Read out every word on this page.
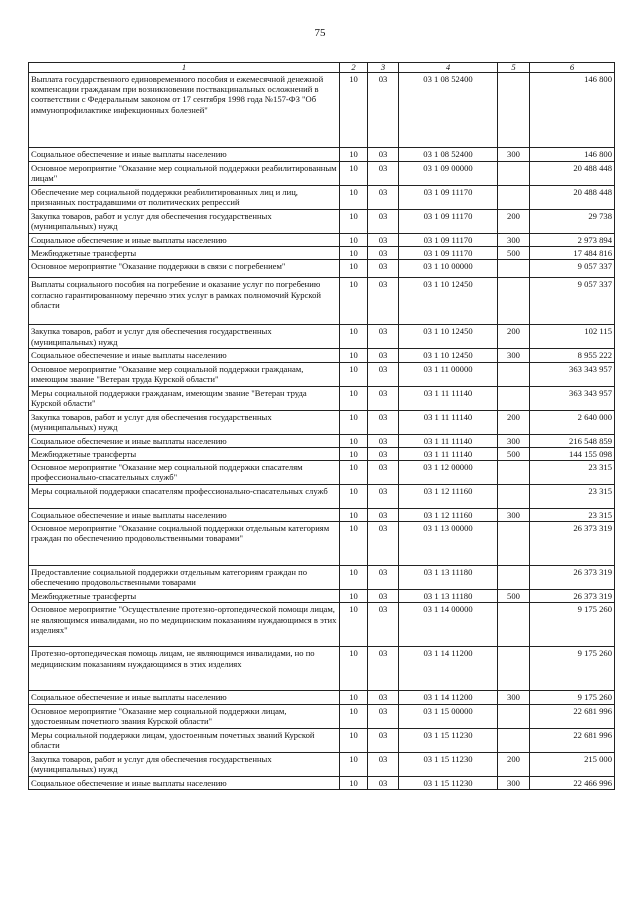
75
1	2	3	4	5	6
Выплата государственного единовременного пособия и ежемесячной денежной компенсации гражданам при возникновении поствакцинальных осложнений в соответствии с Федеральным законом от 17 сентября 1998 года №157-ФЗ "Об иммунопрофилактике инфекционных болезней"	10	03	03 1 08 52400		146 800
Социальное обеспечение и иные выплаты населению	10	03	03 1 08 52400	300	146 800
Основное мероприятие "Оказание мер социальной поддержки реабилитированным лицам"	10	03	03 1 09 00000		20 488 448
Обеспечение мер социальной поддержки реабилитированных лиц и лиц, признанных пострадавшими от политических репрессий	10	03	03 1 09 11170		20 488 448
Закупка товаров, работ и услуг для обеспечения государственных (муниципальных) нужд	10	03	03 1 09 11170	200	29 738
Социальное обеспечение и иные выплаты населению	10	03	03 1 09 11170	300	2 973 894
Межбюджетные трансферты	10	03	03 1 09 11170	500	17 484 816
Основное мероприятие "Оказание поддержки в связи с погребением"	10	03	03 1 10 00000		9 057 337
Выплаты социального пособия на погребение и оказание услуг по погребению согласно гарантированному перечню этих услуг в рамках полномочий Курской области	10	03	03 1 10 12450		9 057 337
Закупка товаров, работ и услуг для обеспечения государственных (муниципальных) нужд	10	03	03 1 10 12450	200	102 115
Социальное обеспечение и иные выплаты населению	10	03	03 1 10 12450	300	8 955 222
Основное мероприятие "Оказание мер социальной поддержки гражданам, имеющим звание "Ветеран труда Курской области"	10	03	03 1 11 00000		363 343 957
Меры социальной поддержки гражданам, имеющим звание "Ветеран труда Курской области"	10	03	03 1 11 11140		363 343 957
Закупка товаров, работ и услуг для обеспечения государственных (муниципальных) нужд	10	03	03 1 11 11140	200	2 640 000
Социальное обеспечение и иные выплаты населению	10	03	03 1 11 11140	300	216 548 859
Межбюджетные трансферты	10	03	03 1 11 11140	500	144 155 098
Основное мероприятие "Оказание мер социальной поддержки спасателям профессионально-спасательных служб"	10	03	03 1 12 00000		23 315
Меры социальной поддержки спасателям профессионально-спасательных служб	10	03	03 1 12 11160		23 315
Социальное обеспечение и иные выплаты населению	10	03	03 1 12 11160	300	23 315
Основное мероприятие "Оказание социальной поддержки отдельным категориям граждан по обеспечению продовольственными товарами"	10	03	03 1 13 00000		26 373 319
Предоставление социальной поддержки отдельным категориям граждан по обеспечению продовольственными товарами	10	03	03 1 13 11180		26 373 319
Межбюджетные трансферты	10	03	03 1 13 11180	500	26 373 319
Основное мероприятие "Осуществление протезно-ортопедической помощи лицам, не являющимся инвалидами, но по медицинским показаниям нуждающимся в этих изделиях"	10	03	03 1 14 00000		9 175 260
Протезно-ортопедическая помощь лицам, не являющимся инвалидами, но по медицинским показаниям нуждающимся в этих изделиях	10	03	03 1 14 11200		9 175 260
Социальное обеспечение и иные выплаты населению	10	03	03 1 14 11200	300	9 175 260
Основное мероприятие "Оказание мер социальной поддержки лицам, удостоенным почетного звания Курской области"	10	03	03 1 15 00000		22 681 996
Меры социальной поддержки лицам, удостоенным почетных званий Курской области	10	03	03 1 15 11230		22 681 996
Закупка товаров, работ и услуг для обеспечения государственных (муниципальных) нужд	10	03	03 1 15 11230	200	215 000
Социальное обеспечение и иные выплаты населению	10	03	03 1 15 11230	300	22 466 996
